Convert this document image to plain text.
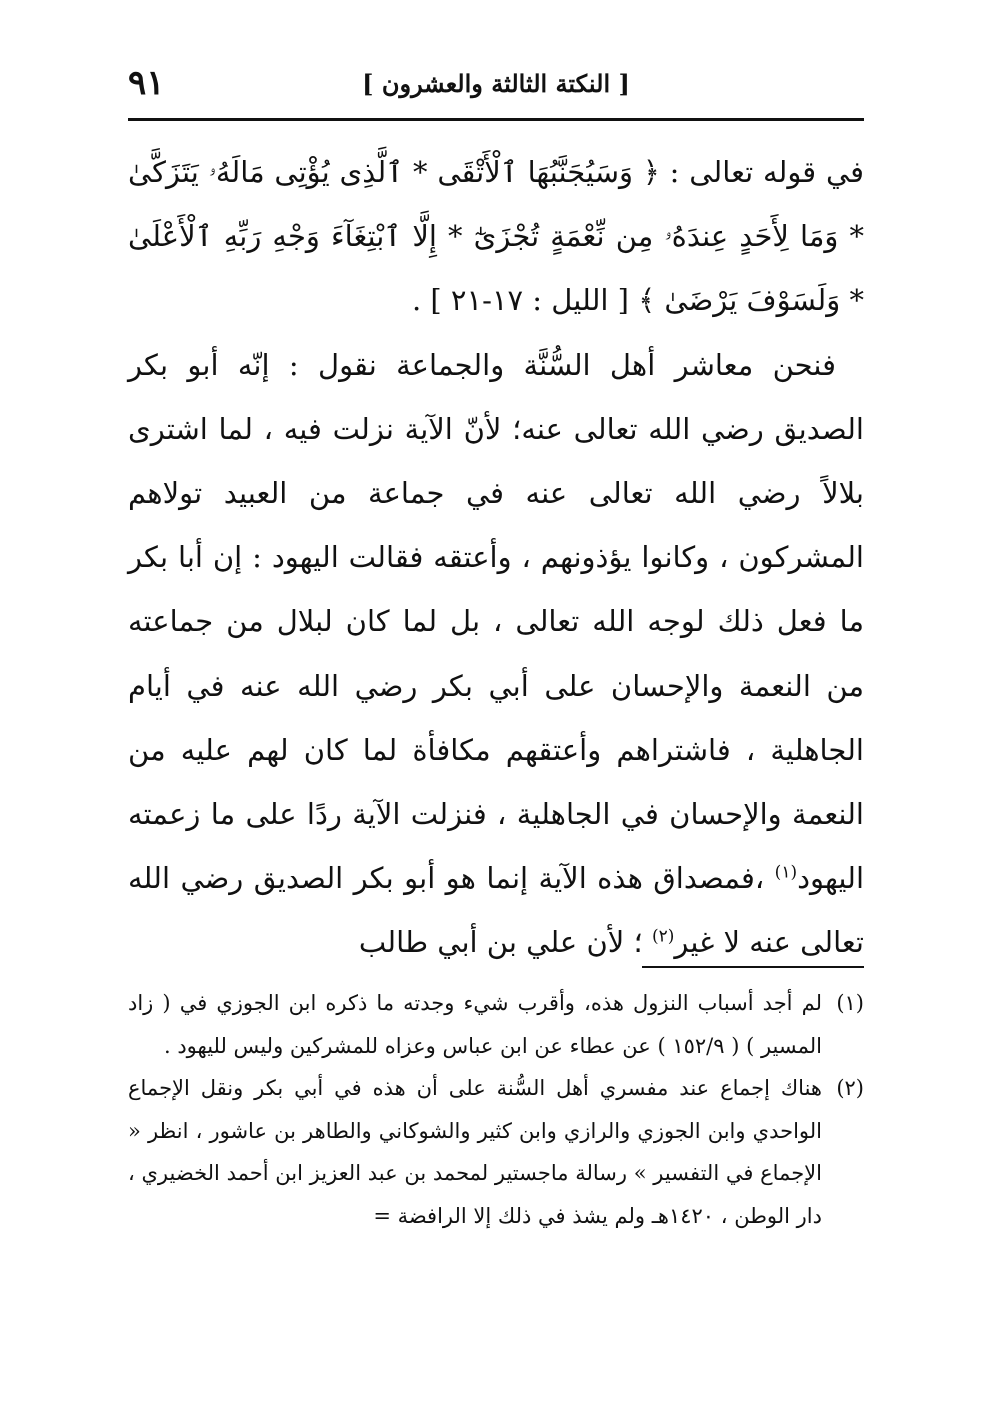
٩١	[ النكتة الثالثة والعشرون ]

في قوله تعالى : ﴿ وَسَيُجَنَّبُهَا ٱلْأَتْقَى * ٱلَّذِى يُؤْتِى مَالَهُۥ يَتَزَكَّىٰ * وَمَا لِأَحَدٍ عِندَهُۥ مِن نِّعْمَةٍ تُجْزَىٰٓ * إِلَّا ٱبْتِغَآءَ وَجْهِ رَبِّهِ ٱلْأَعْلَىٰ * وَلَسَوْفَ يَرْضَىٰ ﴾ [ الليل : ١٧-٢١ ] .

فنحن معاشر أهل السُّنَّة والجماعة نقول : إنّه أبو بكر الصديق رضي الله تعالى عنه؛ لأنّ الآية نزلت فيه ، لما اشترى بلالاً رضي الله تعالى عنه في جماعة من العبيد تولاهم المشركون ، وكانوا يؤذونهم ، وأعتقه فقالت اليهود : إن أبا بكر ما فعل ذلك لوجه الله تعالى ، بل لما كان لبلال من جماعته من النعمة والإحسان على أبي بكر رضي الله عنه في أيام الجاهلية ، فاشتراهم وأعتقهم مكافأة لما كان لهم عليه من النعمة والإحسان في الجاهلية ، فنزلت الآية ردًا على ما زعمته اليهود$^{(١)}$ ،فمصداق هذه الآية إنما هو أبو بكر الصديق رضي الله تعالى عنه لا غير$^{(٢)}$ ؛ لأن علي بن أبي طالب

(١)
لم أجد أسباب النزول هذه، وأقرب شيء وجدته ما ذكره ابن الجوزي في ( زاد المسير ) ( ١٥٢/٩ ) عن عطاء عن ابن عباس وعزاه للمشركين وليس لليهود .

(٢)
هناك إجماع عند مفسري أهل السُّنة على أن هذه في أبي بكر ونقل الإجماع الواحدي وابن الجوزي والرازي وابن كثير والشوكاني والطاهر بن عاشور ، انظر « الإجماع في التفسير » رسالة ماجستير لمحمد بن عبد العزيز ابن أحمد الخضيري ، دار الوطن ، ١٤٢٠هـ ولم يشذ في ذلك إلا الرافضة =
